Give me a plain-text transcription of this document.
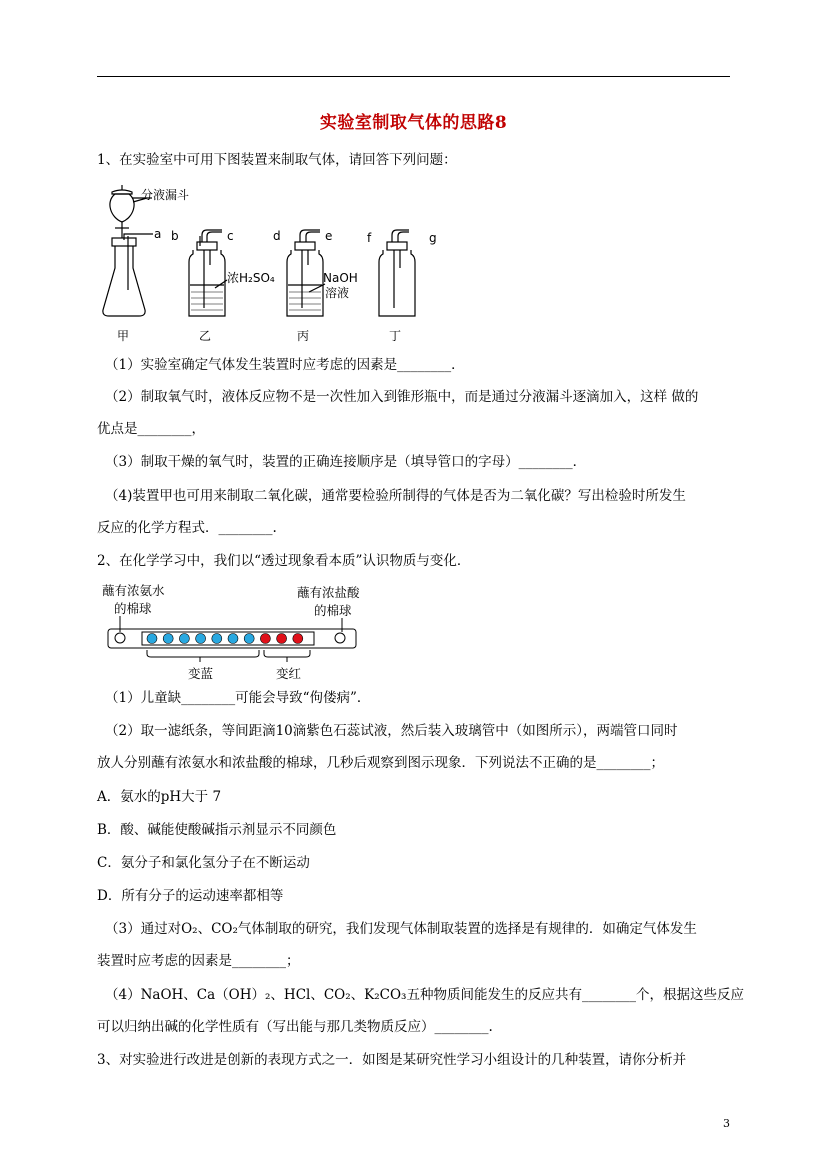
实验室制取气体的思路8
1、在实验室中可用下图装置来制取气体，请回答下列问题：
分液漏斗
a b	c	d	e	f	g
浓H₂SO₄	NaOH
溶液
甲	乙	丙	丁
（1）实验室确定气体发生装置时应考虑的因素是________．
（2）制取氧气时，液体反应物不是一次性加入到锥形瓶中，而是通过分液漏斗逐滴加入，这样 做的
优点是________，
（3）制取干燥的氧气时，装置的正确连接顺序是（填导管口的字母）________．
（4)装置甲也可用来制取二氧化碳，通常要检验所制得的气体是否为二氧化碳？写出检验时所发生
反应的化学方程式．________.
2、在化学学习中，我们以“透过现象看本质”认识物质与变化．
蘸有浓氨水
的棉球
蘸有浓盐酸
的棉球
变蓝	变红
（1）儿童缺________可能会导致“佝偻病”．
（2）取一滤纸条，等间距滴10滴紫色石蕊试液，然后装入玻璃管中（如图所示），两端管口同时
放人分别蘸有浓氨水和浓盐酸的棉球，几秒后观察到图示现象．下列说法不正确的是________；
A．氨水的pH大于 7
B．酸、碱能使酸碱指示剂显示不同颜色
C．氨分子和氯化氢分子在不断运动
D．所有分子的运动速率都相等
（3）通过对O₂、CO₂气体制取的研究，我们发现气体制取装置的选择是有规律的．如确定气体发生
装置时应考虑的因素是________；
（4）NaOH、Ca（OH）₂、HCl、CO₂、K₂CO₃五种物质间能发生的反应共有________个，根据这些反应
可以归纳出碱的化学性质有（写出能与那几类物质反应）________.
3、对实验进行改进是创新的表现方式之一．如图是某研究性学习小组设计的几种装置，请你分析并
3
